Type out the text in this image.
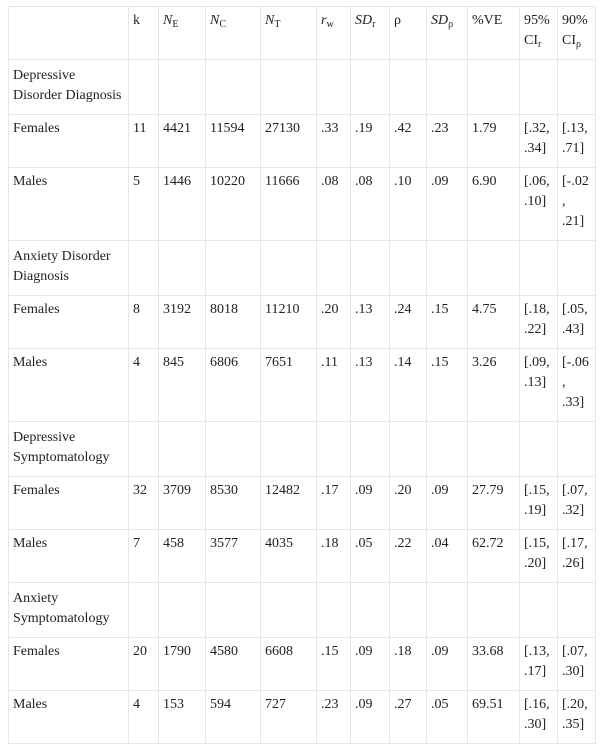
	k	$N_E$	$N_C$	$N_T$	$r_w$	$SD_r$	ρ	$SD_\rho$	%VE	95% $CI_r$	90% $CI_\rho$
Depressive Disorder Diagnosis											
Females	11	4421	11594	27130	.33	.19	.42	.23	1.79	[.32, .34]	[.13, .71]
Males	5	1446	10220	11666	.08	.08	.10	.09	6.90	[.06, .10]	[-.02, .21]
Anxiety Disorder Diagnosis											
Females	8	3192	8018	11210	.20	.13	.24	.15	4.75	[.18, .22]	[.05, .43]
Males	4	845	6806	7651	.11	.13	.14	.15	3.26	[.09, .13]	[-.06, .33]
Depressive Symptomatology											
Females	32	3709	8530	12482	.17	.09	.20	.09	27.79	[.15, .19]	[.07, .32]
Males	7	458	3577	4035	.18	.05	.22	.04	62.72	[.15, .20]	[.17, .26]
Anxiety Symptomatology											
Females	20	1790	4580	6608	.15	.09	.18	.09	33.68	[.13, .17]	[.07, .30]
Males	4	153	594	727	.23	.09	.27	.05	69.51	[.16, .30]	[.20, .35]
